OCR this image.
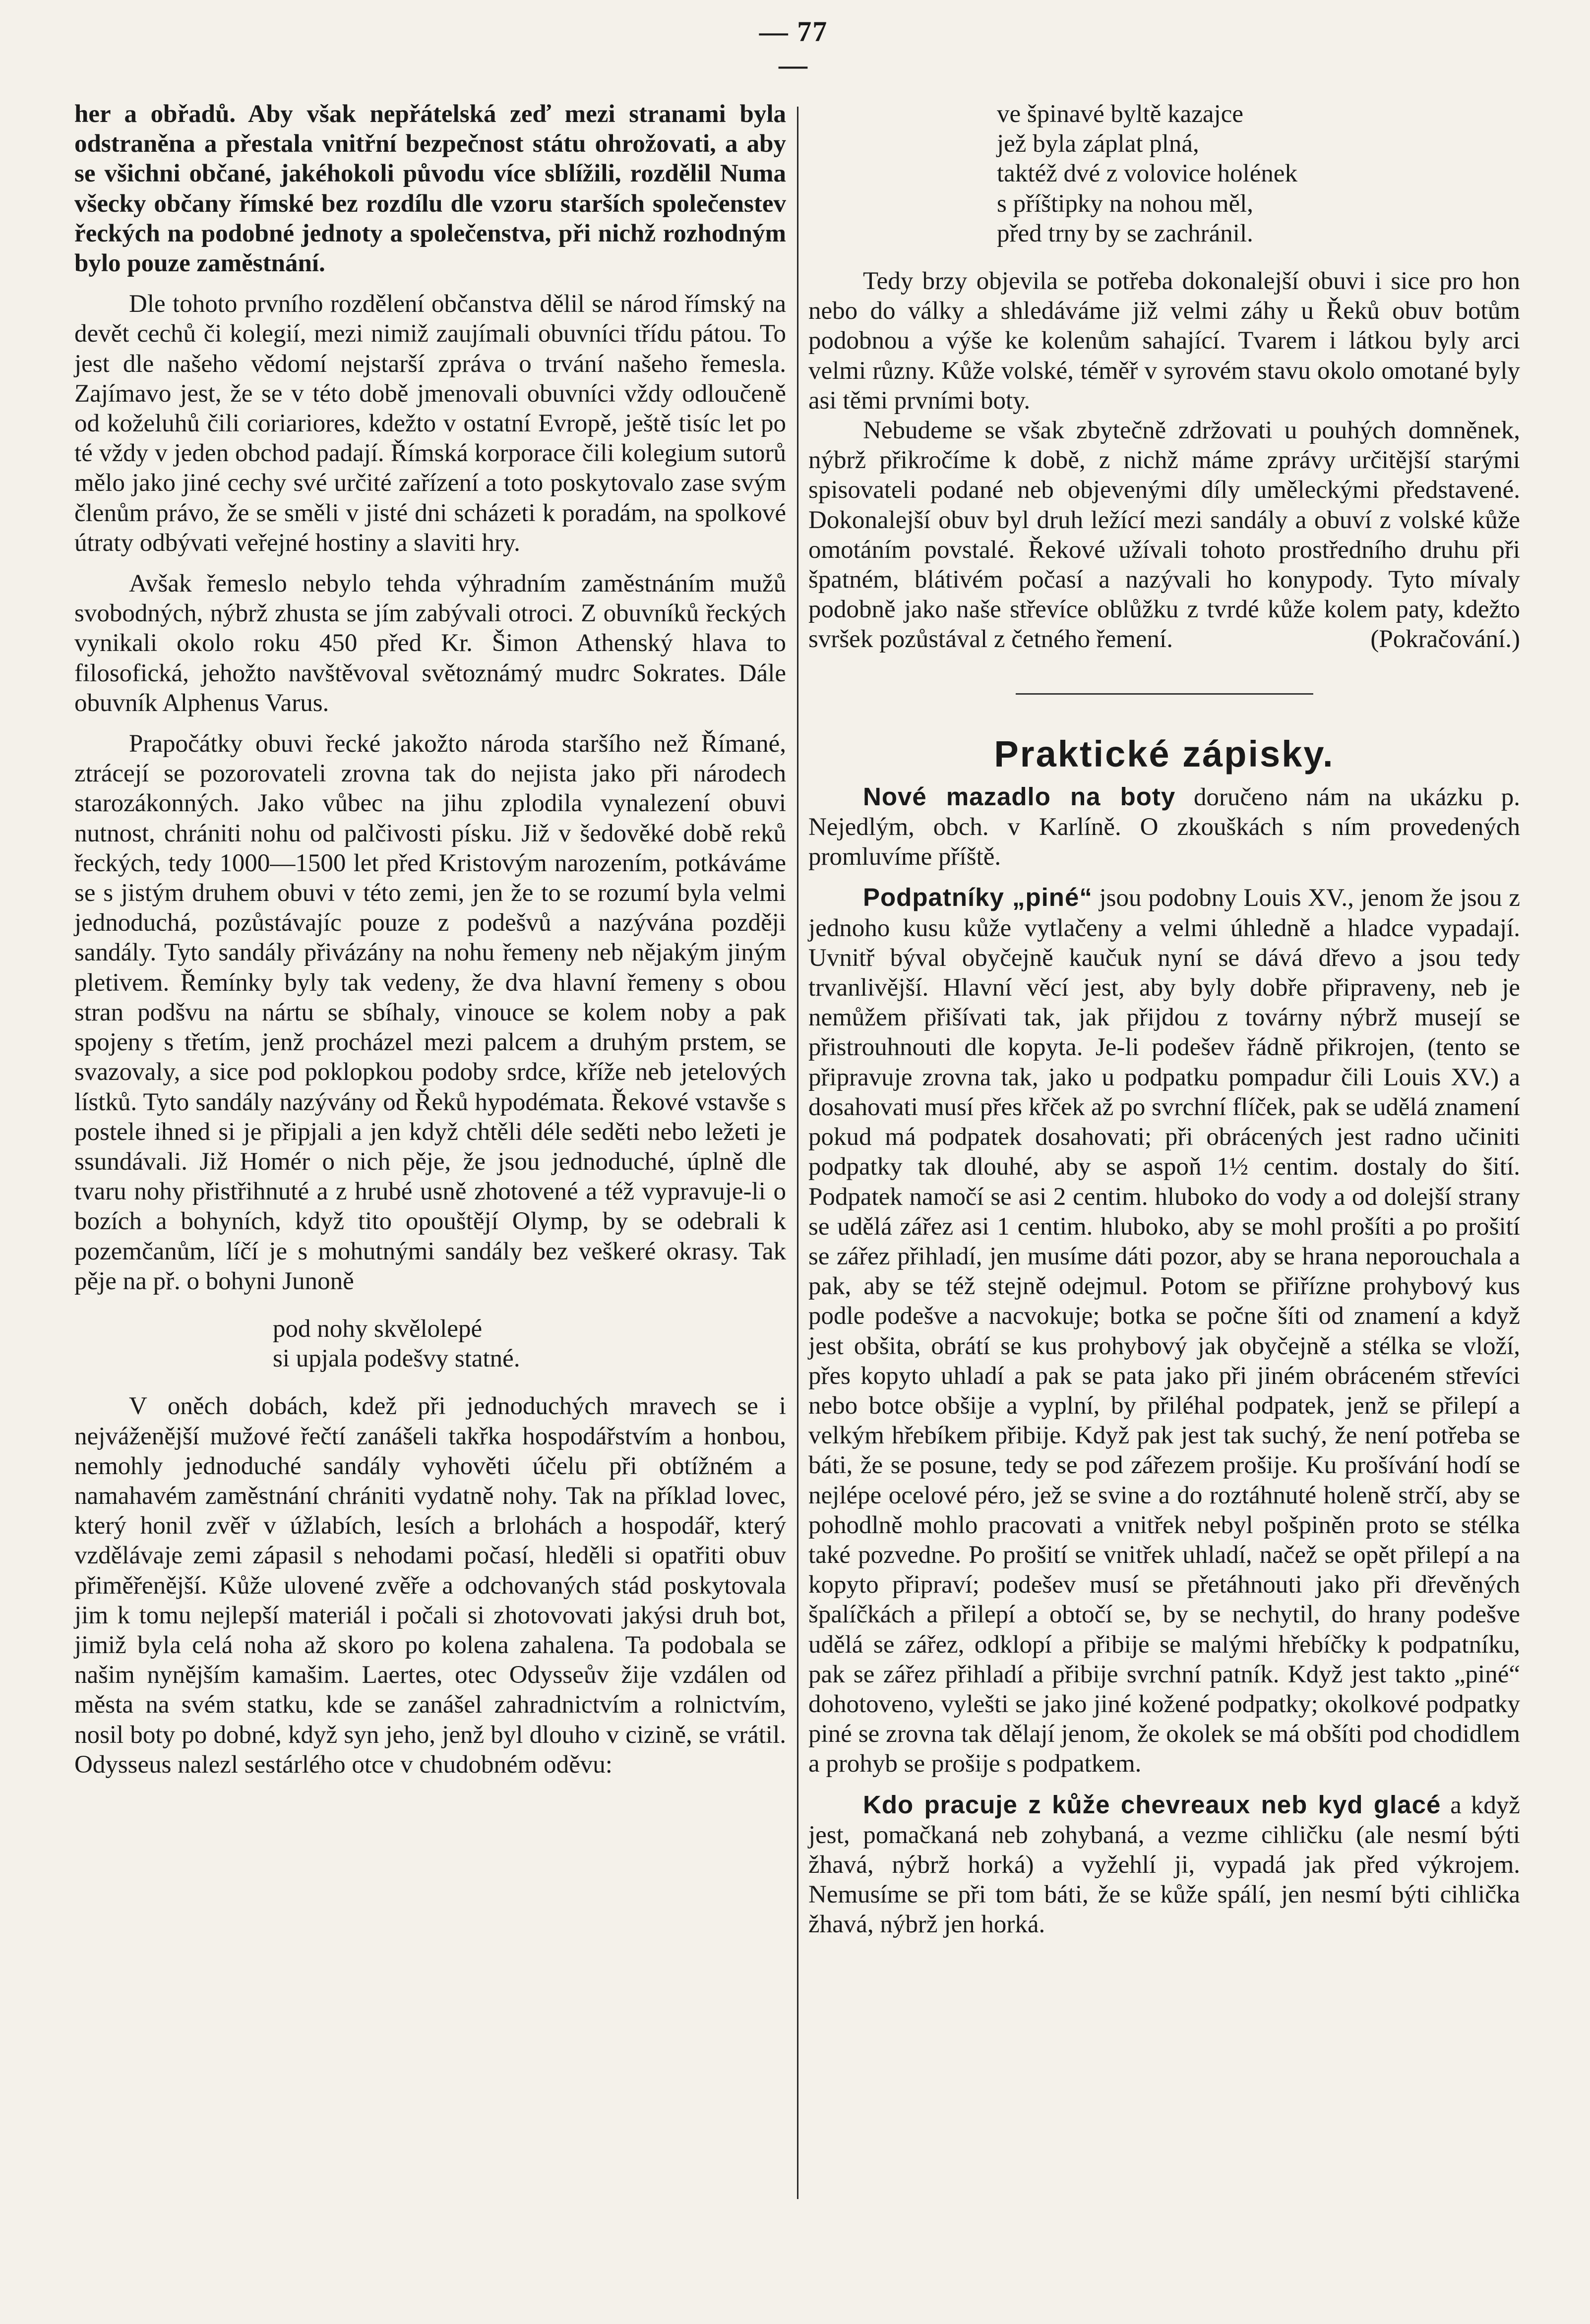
— 77 —

her a obřadů. Aby však nepřátelská zeď mezi stranami byla odstraněna a přestala vnitřní bezpečnost státu ohrožovati, a aby se všichni občané, jakéhokoli původu více sblížili, rozdělil Numa všecky občany římské bez rozdílu dle vzoru starších společenstev řeckých na podobné jednoty a společenstva, při nichž rozhodným bylo pouze zaměstnání.

Dle tohoto prvního rozdělení občanstva dělil se národ římský na devět cechů či kolegií, mezi nimiž zaujímali obuvníci třídu pátou. To jest dle našeho vědomí nejstarší zpráva o trvání našeho řemesla. Zajímavo jest, že se v této době jmenovali obuvníci vždy odloučeně od koželuhů čili coriariores, kdežto v ostatní Evropě, ještě tisíc let po té vždy v jeden obchod padají. Římská korporace čili kolegium sutorů mělo jako jiné cechy své určité zařízení a toto poskytovalo zase svým členům právo, že se směli v jisté dni scházeti k poradám, na spolkové útraty odbývati veřejné hostiny a slaviti hry.

Avšak řemeslo nebylo tehda výhradním zaměstnáním mužů svobodných, nýbrž zhusta se jím zabývali otroci. Z obuvníků řeckých vynikali okolo roku 450 před Kr. Šimon Athenský hlava to filosofická, jehožto navštěvoval světoznámý mudrc Sokrates. Dále obuvník Alphenus Varus.

Prapočátky obuvi řecké jakožto národa staršího než Římané, ztrácejí se pozorovateli zrovna tak do nejista jako při národech starozákonných. Jako vůbec na jihu zplodila vynalezení obuvi nutnost, chrániti nohu od palčivosti písku. Již v šedověké době reků řeckých, tedy 1000—1500 let před Kristovým narozením, potkáváme se s jistým druhem obuvi v této zemi, jen že to se rozumí byla velmi jednoduchá, pozůstávajíc pouze z podešvů a nazývána později sandály. Tyto sandály přivázány na nohu řemeny neb nějakým jiným pletivem. Řemínky byly tak vedeny, že dva hlavní řemeny s obou stran podšvu na nártu se sbíhaly, vinouce se kolem noby a pak spojeny s třetím, jenž procházel mezi palcem a druhým prstem, se svazovaly, a sice pod poklopkou podoby srdce, kříže neb jetelových lístků. Tyto sandály nazývány od Řeků hypodémata. Řekové vstavše s postele ihned si je připjali a jen když chtěli déle seděti nebo ležeti je ssundávali. Již Homér o nich pěje, že jsou jednoduché, úplně dle tvaru nohy přistřihnuté a z hrubé usně zhotovené a též vypravuje-li o bozích a bohyních, když tito opouštějí Olymp, by se odebrali k pozemčanům, líčí je s mohutnými sandály bez veškeré okrasy. Tak pěje na př. o bohyni Junoně

pod nohy skvělolepé
si upjala podešvy statné.

V oněch dobách, kdež při jednoduchých mravech se i nejváženější mužové řečtí zanášeli takřka hospodářstvím a honbou, nemohly jednoduché sandály vyhověti účelu při obtížném a namahavém zaměstnání chrániti vydatně nohy. Tak na příklad lovec, který honil zvěř v úžlabích, lesích a brlohách a hospodář, který vzdělávaje zemi zápasil s nehodami počasí, hleděli si opatřiti obuv přiměřenější. Kůže ulovené zvěře a odchovaných stád poskytovala jim k tomu nejlepší materiál i počali si zhotovovati jakýsi druh bot, jimiž byla celá noha až skoro po kolena zahalena. Ta podobala se našim nynějším kamašim. Laertes, otec Odysseův žije vzdálen od města na svém statku, kde se zanášel zahradnictvím a rolnictvím, nosil boty po dobné, když syn jeho, jenž byl dlouho v cizině, se vrátil. Odysseus nalezl sestárlého otce v chudobném oděvu:

ve špinavé byltě kazajce
jež byla záplat plná,
taktéž dvé z volovice holének
s příštipky na nohou měl,
před trny by se zachránil.

Tedy brzy objevila se potřeba dokonalejší obuvi i sice pro hon nebo do války a shledáváme již velmi záhy u Řeků obuv botům podobnou a výše ke kolenům sahající. Tvarem i látkou byly arci velmi různy. Kůže volské, téměř v syrovém stavu okolo omotané byly asi těmi prvními boty.

Nebudeme se však zbytečně zdržovati u pouhých domněnek, nýbrž přikročíme k době, z nichž máme zprávy určitější starými spisovateli podané neb objevenými díly uměleckými představené. Dokonalejší obuv byl druh ležící mezi sandály a obuví z volské kůže omotáním povstalé. Řekové užívali tohoto prostředního druhu při špatném, blátivém počasí a nazývali ho konypody. Tyto mívaly podobně jako naše střevíce oblůžku z tvrdé kůže kolem paty, kdežto svršek pozůstával z četného řemení.	(Pokračování.)

Praktické zápisky.

Nové mazadlo na boty doručeno nám na ukázku p. Nejedlým, obch. v Karlíně. O zkouškách s ním provedených promluvíme příště.

Podpatníky „piné“ jsou podobny Louis XV., jenom že jsou z jednoho kusu kůže vytlačeny a velmi úhledně a hladce vypadají. Uvnitř býval obyčejně kaučuk nyní se dává dřevo a jsou tedy trvanlivější. Hlavní věcí jest, aby byly dobře připraveny, neb je nemůžem přišívati tak, jak přijdou z továrny nýbrž musejí se přistrouhnouti dle kopyta. Je-li podešev řádně přikrojen, (tento se připravuje zrovna tak, jako u podpatku pompadur čili Louis XV.) a dosahovati musí přes křček až po svrchní flíček, pak se udělá znamení pokud má podpatek dosahovati; při obrácených jest radno učiniti podpatky tak dlouhé, aby se aspoň 1½ centim. dostaly do šití. Podpatek namočí se asi 2 centim. hluboko do vody a od dolejší strany se udělá zářez asi 1 centim. hluboko, aby se mohl prošíti a po prošití se zářez přihladí, jen musíme dáti pozor, aby se hrana neporouchala a pak, aby se též stejně odejmul. Potom se přiřízne prohybový kus podle podešve a nacvokuje; botka se počne šíti od znamení a když jest obšita, obrátí se kus prohybový jak obyčejně a stélka se vloží, přes kopyto uhladí a pak se pata jako při jiném obráceném střevíci nebo botce obšije a vyplní, by přiléhal podpatek, jenž se přilepí a velkým hřebíkem přibije. Když pak jest tak suchý, že není potřeba se báti, že se posune, tedy se pod zářezem prošije. Ku prošívání hodí se nejlépe ocelové péro, jež se svine a do roztáhnuté holeně strčí, aby se pohodlně mohlo pracovati a vnitřek nebyl pošpiněn proto se stélka také pozvedne. Po prošití se vnitřek uhladí, načež se opět přilepí a na kopyto připraví; podešev musí se přetáhnouti jako při dřevěných špalíčkách a přilepí a obtočí se, by se nechytil, do hrany podešve udělá se zářez, odklopí a přibije se malými hřebíčky k podpatníku, pak se zářez přihladí a přibije svrchní patník. Když jest takto „piné“ dohotoveno, vylešti se jako jiné kožené podpatky; okolkové podpatky piné se zrovna tak dělají jenom, že okolek se má obšíti pod chodidlem a prohyb se prošije s podpatkem.

Kdo pracuje z kůže chevreaux neb kyd glacé a když jest, pomačkaná neb zohybaná, a vezme cihličku (ale nesmí býti žhavá, nýbrž horká) a vyžehlí ji, vypadá jak před výkrojem. Nemusíme se při tom báti, že se kůže spálí, jen nesmí býti cihlička žhavá, nýbrž jen horká.
